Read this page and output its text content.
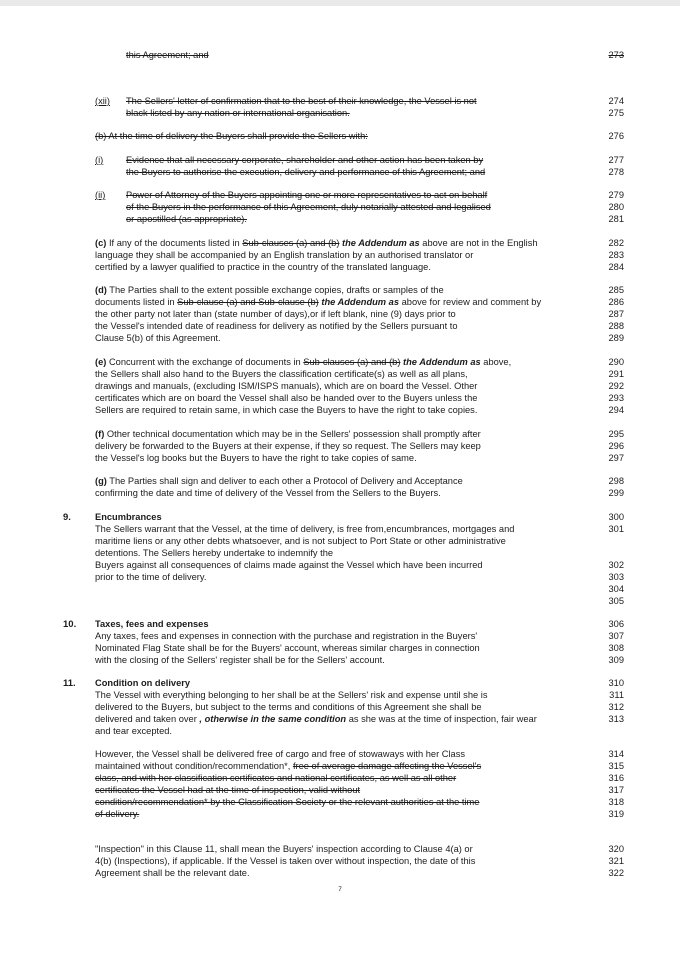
this Agreement; and
(xii) The Sellers' letter of confirmation that to the best of their knowledge, the Vessel is not
black listed by any nation or international organisation.
(b) At the time of delivery the Buyers shall provide the Sellers with:
(i) Evidence that all necessary corporate, shareholder and other action has been taken by
the Buyers to authorise the execution, delivery and performance of this Agreement; and
(ii) Power of Attorney of the Buyers appointing one or more representatives to act on behalf
of the Buyers in the performance of this Agreement, duly notarially attested and legalised
or apostilled (as appropriate).
(c) If any of the documents listed in Sub-clauses (a) and (b) the Addendum as above are not in the English
language they shall be accompanied by an English translation by an authorised translator or
certified by a lawyer qualified to practice in the country of the translated language.
(d) The Parties shall to the extent possible exchange copies, drafts or samples of the
documents listed in Sub-clause (a) and Sub-clause (b) the Addendum as above for review and comment by
the other party not later than (state number of days),or if left blank, nine (9) days prior to
the Vessel's intended date of readiness for delivery as notified by the Sellers pursuant to
Clause 5(b) of this Agreement.
(e) Concurrent with the exchange of documents in Sub-clauses (a) and (b) the Addendum as above,
the Sellers shall also hand to the Buyers the classification certificate(s) as well as all plans,
drawings and manuals, (excluding ISM/ISPS manuals), which are on board the Vessel. Other
certificates which are on board the Vessel shall also be handed over to the Buyers unless the
Sellers are required to retain same, in which case the Buyers to have the right to take copies.
(f) Other technical documentation which may be in the Sellers' possession shall promptly after
delivery be forwarded to the Buyers at their expense, if they so request. The Sellers may keep
the Vessel's log books but the Buyers to have the right to take copies of same.
(g) The Parties shall sign and deliver to each other a Protocol of Delivery and Acceptance
confirming the date and time of delivery of the Vessel from the Sellers to the Buyers.
Encumbrances
The Sellers warrant that the Vessel, at the time of delivery, is free from,encumbrances, mortgages and
maritime liens or any other debts whatsoever, and is not subject to Port State or other administrative
detentions. The Sellers hereby undertake to indemnify the
Buyers against all consequences of claims made against the Vessel which have been incurred
prior to the time of delivery.
Taxes, fees and expenses
Any taxes, fees and expenses in connection with the purchase and registration in the Buyers'
Nominated Flag State shall be for the Buyers' account, whereas similar charges in connection
with the closing of the Sellers' register shall be for the Sellers' account.
Condition on delivery
The Vessel with everything belonging to her shall be at the Sellers' risk and expense until she is
delivered to the Buyers, but subject to the terms and conditions of this Agreement she shall be
delivered and taken over , otherwise in the same condition as she was at the time of inspection, fair wear
and tear excepted.
However, the Vessel shall be delivered free of cargo and free of stowaways with her Class
maintained without condition/recommendation*, free of average damage affecting the Vessel's
class, and with her classification certificates and national certificates, as well as all other
certificates the Vessel had at the time of inspection, valid without
condition/recommendation* by the Classification Society or the relevant authorities at the time
of delivery.
"Inspection" in this Clause 11, shall mean the Buyers' inspection according to Clause 4(a) or
4(b) (Inspections), if applicable. If the Vessel is taken over without inspection, the date of this
Agreement shall be the relevant date.
273
274
275
276
277
278
279
280
281
282
283
284
285
286
287
288
289
290
291
292
293
294
295
296
297
298
299
300
301
302
303
304
305
306
307
308
309
310
311
312
313
314
315
316
317
318
319
320
321
322
9.
10.
11.
7
